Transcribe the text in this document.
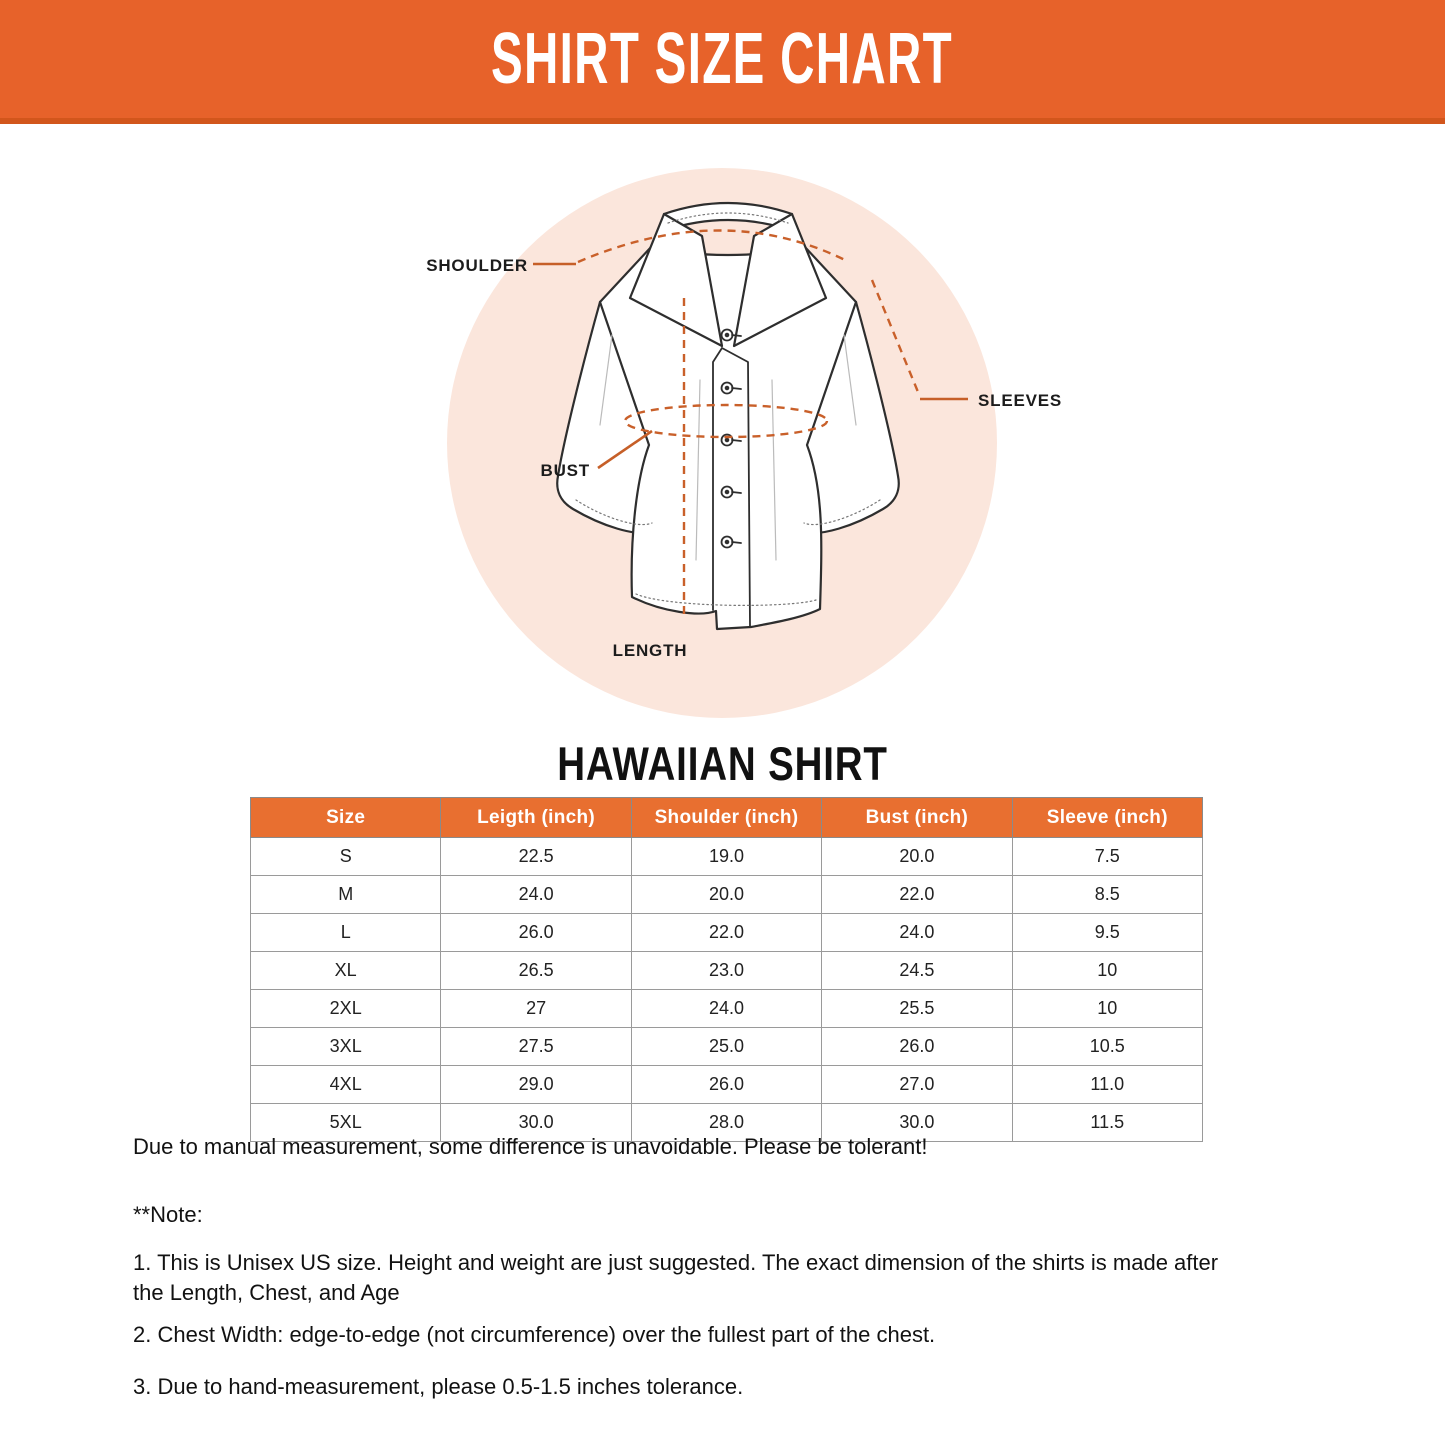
SHIRT SIZE CHART
SHOULDER
SLEEVES
BUST
LENGTH
HAWAIIAN SHIRT
Size	Leigth (inch)	Shoulder (inch)	Bust (inch)	Sleeve (inch)
S	22.5	19.0	20.0	7.5
M	24.0	20.0	22.0	8.5
L	26.0	22.0	24.0	9.5
XL	26.5	23.0	24.5	10
2XL	27	24.0	25.5	10
3XL	27.5	25.0	26.0	10.5
4XL	29.0	26.0	27.0	11.0
5XL	30.0	28.0	30.0	11.5

Due to manual measurement, some difference is unavoidable. Please be tolerant!

**Note:

1. This is Unisex US size. Height and weight are just suggested. The exact dimension of the shirts is made after the Length, Chest, and Age

2. Chest Width: edge-to-edge (not circumference) over the fullest part of the chest.

3. Due to hand-measurement, please 0.5-1.5 inches tolerance.
